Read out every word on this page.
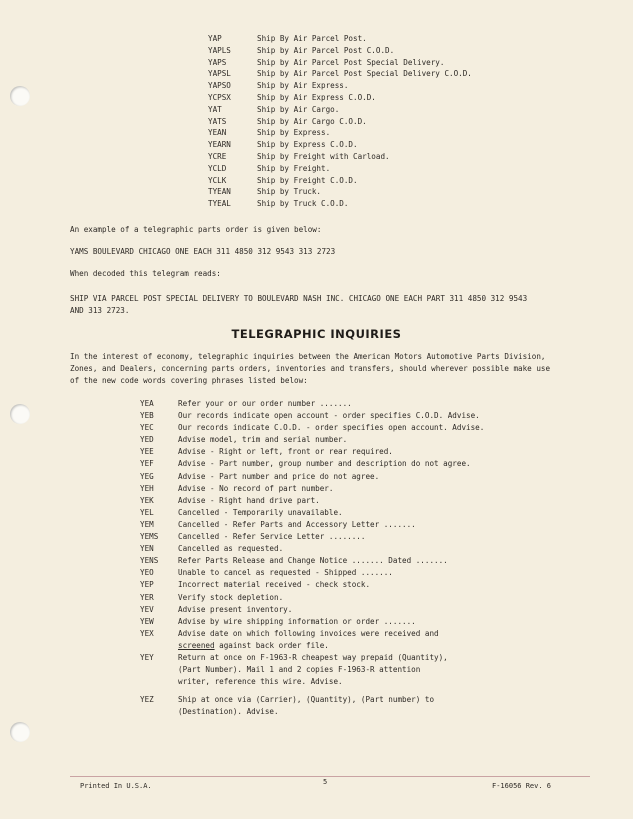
YAP	Ship By Air Parcel Post.
YAPLS	Ship by Air Parcel Post C.O.D.
YAPS	Ship by Air Parcel Post Special Delivery.
YAPSL	Ship by Air Parcel Post Special Delivery C.O.D.
YAPSO	Ship by Air Express.
YCPSX	Ship by Air Express C.O.D.
YAT	Ship by Air Cargo.
YATS	Ship by Air Cargo C.O.D.
YEAN	Ship by Express.
YEARN	Ship by Express C.O.D.
YCRE	Ship by Freight with Carload.
YCLD	Ship by Freight.
YCLK	Ship by Freight C.O.D.
TYEAN	Ship by Truck.
TYEAL	Ship by Truck C.O.D.
An example of a telegraphic parts order is given below:
YAMS BOULEVARD CHICAGO ONE EACH 311 4850 312 9543 313 2723
When decoded this telegram reads:
SHIP VIA PARCEL POST SPECIAL DELIVERY TO BOULEVARD NASH INC. CHICAGO ONE EACH PART 311 4850 312 9543
AND 313 2723.
TELEGRAPHIC INQUIRIES
In the interest of economy, telegraphic inquiries between the American Motors Automotive Parts Division,
Zones, and Dealers, concerning parts orders, inventories and transfers, should wherever possible make use
of the new code words covering phrases listed below:
YEA	Refer your or our order number .......
YEB	Our records indicate open account - order specifies C.O.D. Advise.
YEC	Our records indicate C.O.D. - order specifies open account. Advise.
YED	Advise model, trim and serial number.
YEE	Advise - Right or left, front or rear required.
YEF	Advise - Part number, group number and description do not agree.
YEG	Advise - Part number and price do not agree.
YEH	Advise - No record of part number.
YEK	Advise - Right hand drive part.
YEL	Cancelled - Temporarily unavailable.
YEM	Cancelled - Refer Parts and Accessory Letter .......
YEMS	Cancelled - Refer Service Letter ........
YEN	Cancelled as requested.
YENS	Refer Parts Release and Change Notice ....... Dated .......
YEO	Unable to cancel as requested - Shipped .......
YEP	Incorrect material received - check stock.
YER	Verify stock depletion.
YEV	Advise present inventory.
YEW	Advise by wire shipping information or order .......
YEX	Advise date on which following invoices were received and
screened against back order file.
YEY	Return at once on F-1963-R cheapest way prepaid (Quantity),
(Part Number). Mail 1 and 2 copies F-1963-R attention
writer, reference this wire. Advise.
YEZ	Ship at once via (Carrier), (Quantity), (Part number) to
(Destination). Advise.
Printed In U.S.A.	5	F-16056 Rev. 6
